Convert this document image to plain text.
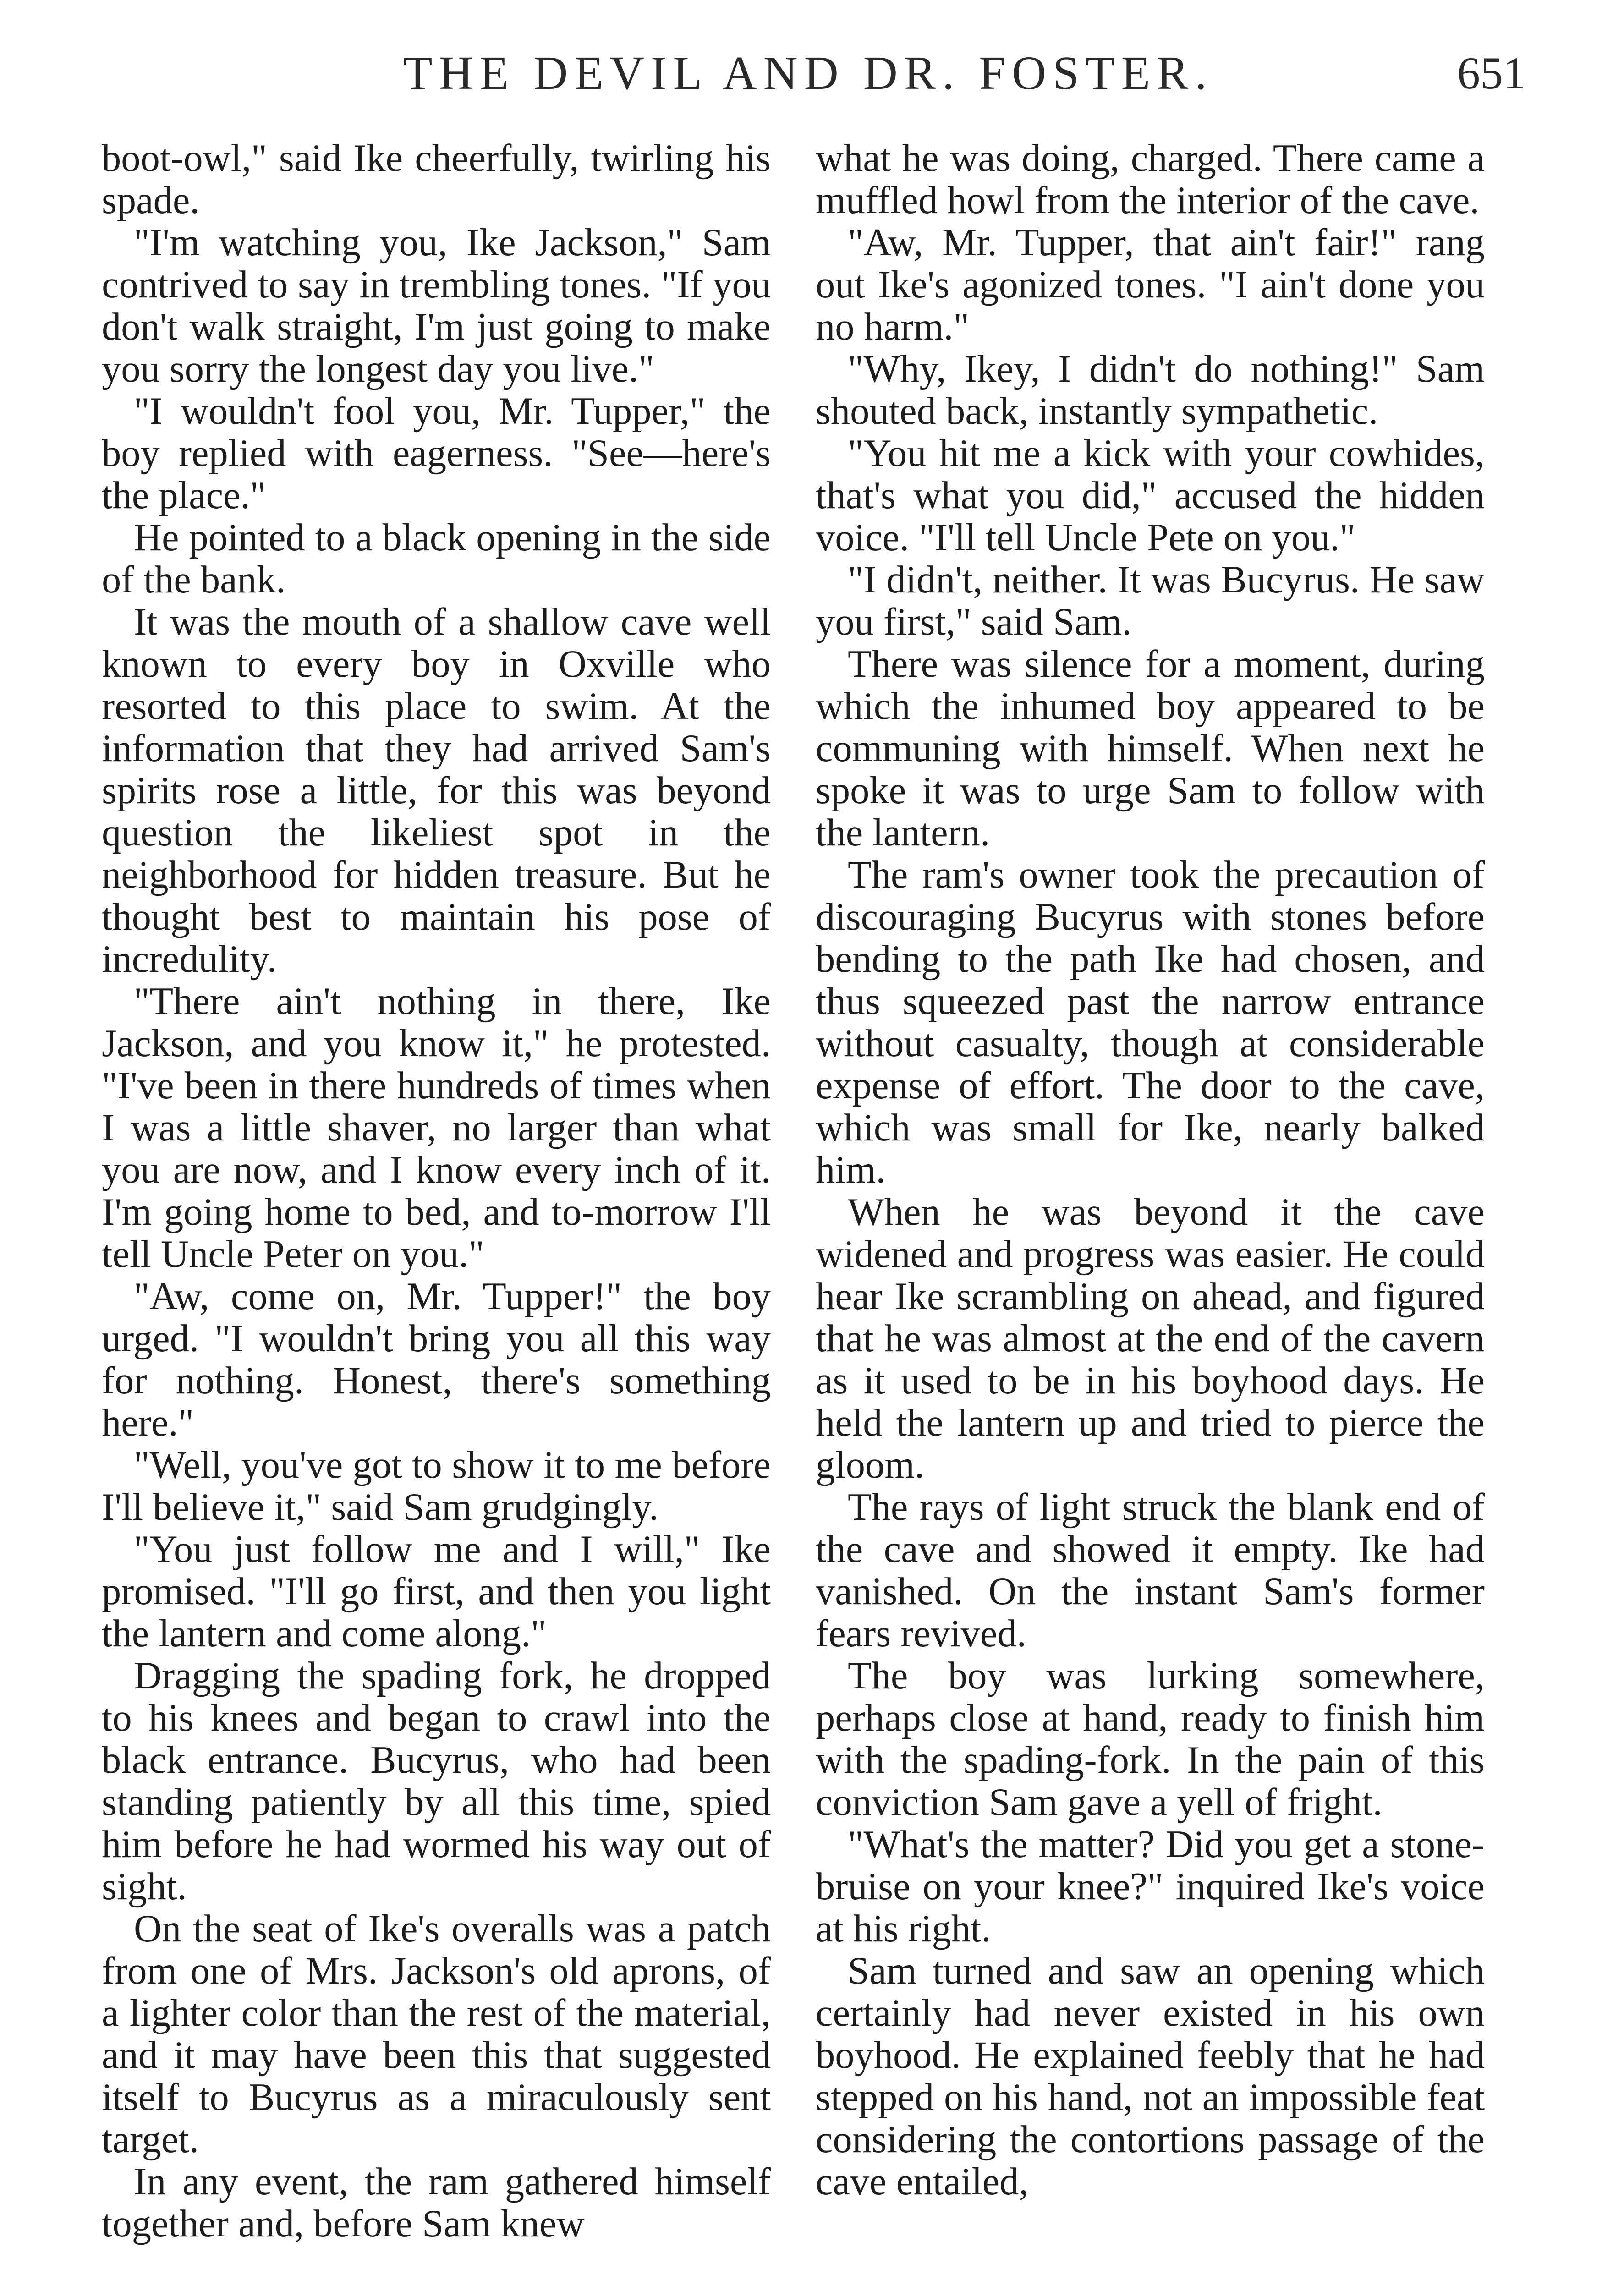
THE DEVIL AND DR. FOSTER.	651

boot-owl," said Ike cheerfully, twirling his spade.

"I'm watching you, Ike Jackson," Sam contrived to say in trembling tones. "If you don't walk straight, I'm just going to make you sorry the longest day you live."

"I wouldn't fool you, Mr. Tupper," the boy replied with eagerness. "See—here's the place."

He pointed to a black opening in the side of the bank.

It was the mouth of a shallow cave well known to every boy in Oxville who resorted to this place to swim. At the information that they had arrived Sam's spirits rose a little, for this was beyond question the likeliest spot in the neighborhood for hidden treasure. But he thought best to maintain his pose of incredulity.

"There ain't nothing in there, Ike Jackson, and you know it," he protested. "I've been in there hundreds of times when I was a little shaver, no larger than what you are now, and I know every inch of it. I'm going home to bed, and to-morrow I'll tell Uncle Peter on you."

"Aw, come on, Mr. Tupper!" the boy urged. "I wouldn't bring you all this way for nothing. Honest, there's something here."

"Well, you've got to show it to me before I'll believe it," said Sam grudgingly.

"You just follow me and I will," Ike promised. "I'll go first, and then you light the lantern and come along."

Dragging the spading fork, he dropped to his knees and began to crawl into the black entrance. Bucyrus, who had been standing patiently by all this time, spied him before he had wormed his way out of sight.

On the seat of Ike's overalls was a patch from one of Mrs. Jackson's old aprons, of a lighter color than the rest of the material, and it may have been this that suggested itself to Bucyrus as a miraculously sent target.

In any event, the ram gathered himself together and, before Sam knew

what he was doing, charged. There came a muffled howl from the interior of the cave.

"Aw, Mr. Tupper, that ain't fair!" rang out Ike's agonized tones. "I ain't done you no harm."

"Why, Ikey, I didn't do nothing!" Sam shouted back, instantly sympathetic.

"You hit me a kick with your cowhides, that's what you did," accused the hidden voice. "I'll tell Uncle Pete on you."

"I didn't, neither. It was Bucyrus. He saw you first," said Sam.

There was silence for a moment, during which the inhumed boy appeared to be communing with himself. When next he spoke it was to urge Sam to follow with the lantern.

The ram's owner took the precaution of discouraging Bucyrus with stones before bending to the path Ike had chosen, and thus squeezed past the narrow entrance without casualty, though at considerable expense of effort. The door to the cave, which was small for Ike, nearly balked him.

When he was beyond it the cave widened and progress was easier. He could hear Ike scrambling on ahead, and figured that he was almost at the end of the cavern as it used to be in his boyhood days. He held the lantern up and tried to pierce the gloom.

The rays of light struck the blank end of the cave and showed it empty. Ike had vanished. On the instant Sam's former fears revived.

The boy was lurking somewhere, perhaps close at hand, ready to finish him with the spading-fork. In the pain of this conviction Sam gave a yell of fright.

"What's the matter? Did you get a stone-bruise on your knee?" inquired Ike's voice at his right.

Sam turned and saw an opening which certainly had never existed in his own boyhood. He explained feebly that he had stepped on his hand, not an impossible feat considering the contortions passage of the cave entailed,
